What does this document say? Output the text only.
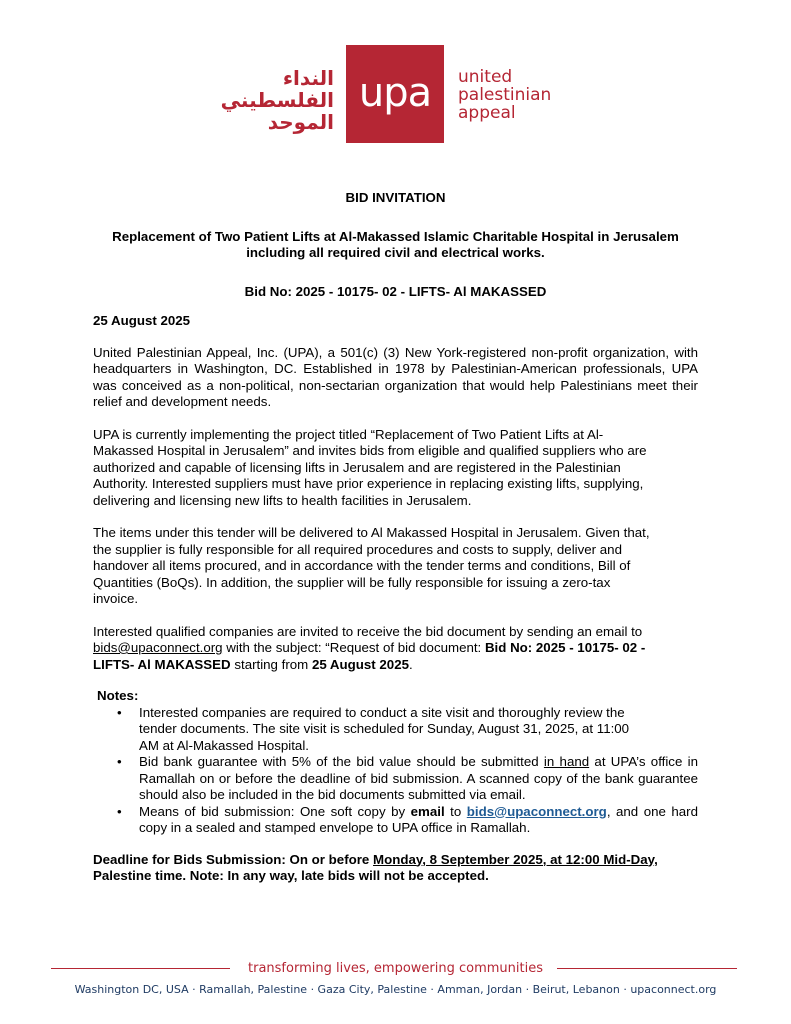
النداء
الفلسطيني
الموحد
upa	united
palestinian
appeal

BID INVITATION

Replacement of Two Patient Lifts at Al-Makassed Islamic Charitable Hospital in Jerusalem including all required civil and electrical works.

Bid No: 2025 - 10175- 02 - LIFTS- Al MAKASSED

25 August 2025

United Palestinian Appeal, Inc. (UPA), a 501(c) (3) New York-registered non-profit organization, with headquarters in Washington, DC. Established in 1978 by Palestinian-American professionals, UPA was conceived as a non-political, non-sectarian organization that would help Palestinians meet their relief and development needs.

UPA is currently implementing the project titled “Replacement of Two Patient Lifts at Al-
Makassed Hospital in Jerusalem” and invites bids from eligible and qualified suppliers who are
authorized and capable of licensing lifts in Jerusalem and are registered in the Palestinian
Authority. Interested suppliers must have prior experience in replacing existing lifts, supplying,
delivering and licensing new lifts to health facilities in Jerusalem.

The items under this tender will be delivered to Al Makassed Hospital in Jerusalem. Given that,
the supplier is fully responsible for all required procedures and costs to supply, deliver and
handover all items procured, and in accordance with the tender terms and conditions, Bill of
Quantities (BoQs). In addition, the supplier will be fully responsible for issuing a zero-tax
invoice.

Interested qualified companies are invited to receive the bid document by sending an email to
bids@upaconnect.org with the subject: “Request of bid document: Bid No: 2025 - 10175- 02 -
LIFTS- Al MAKASSED starting from 25 August 2025.

Notes:

• Interested companies are required to conduct a site visit and thoroughly review the
tender documents. The site visit is scheduled for Sunday, August 31, 2025, at 11:00
AM at Al-Makassed Hospital.
• Bid bank guarantee with 5% of the bid value should be submitted in hand at UPA’s office in Ramallah on or before the deadline of bid submission. A scanned copy of the bank guarantee should also be included in the bid documents submitted via email.
• Means of bid submission: One soft copy by email to bids@upaconnect.org, and one hard copy in a sealed and stamped envelope to UPA office in Ramallah.

Deadline for Bids Submission: On or before Monday, 8 September 2025, at 12:00 Mid-Day,
Palestine time. Note: In any way, late bids will not be accepted.

transforming lives, empowering communities
Washington DC, USA · Ramallah, Palestine · Gaza City, Palestine · Amman, Jordan · Beirut, Lebanon · upaconnect.org
